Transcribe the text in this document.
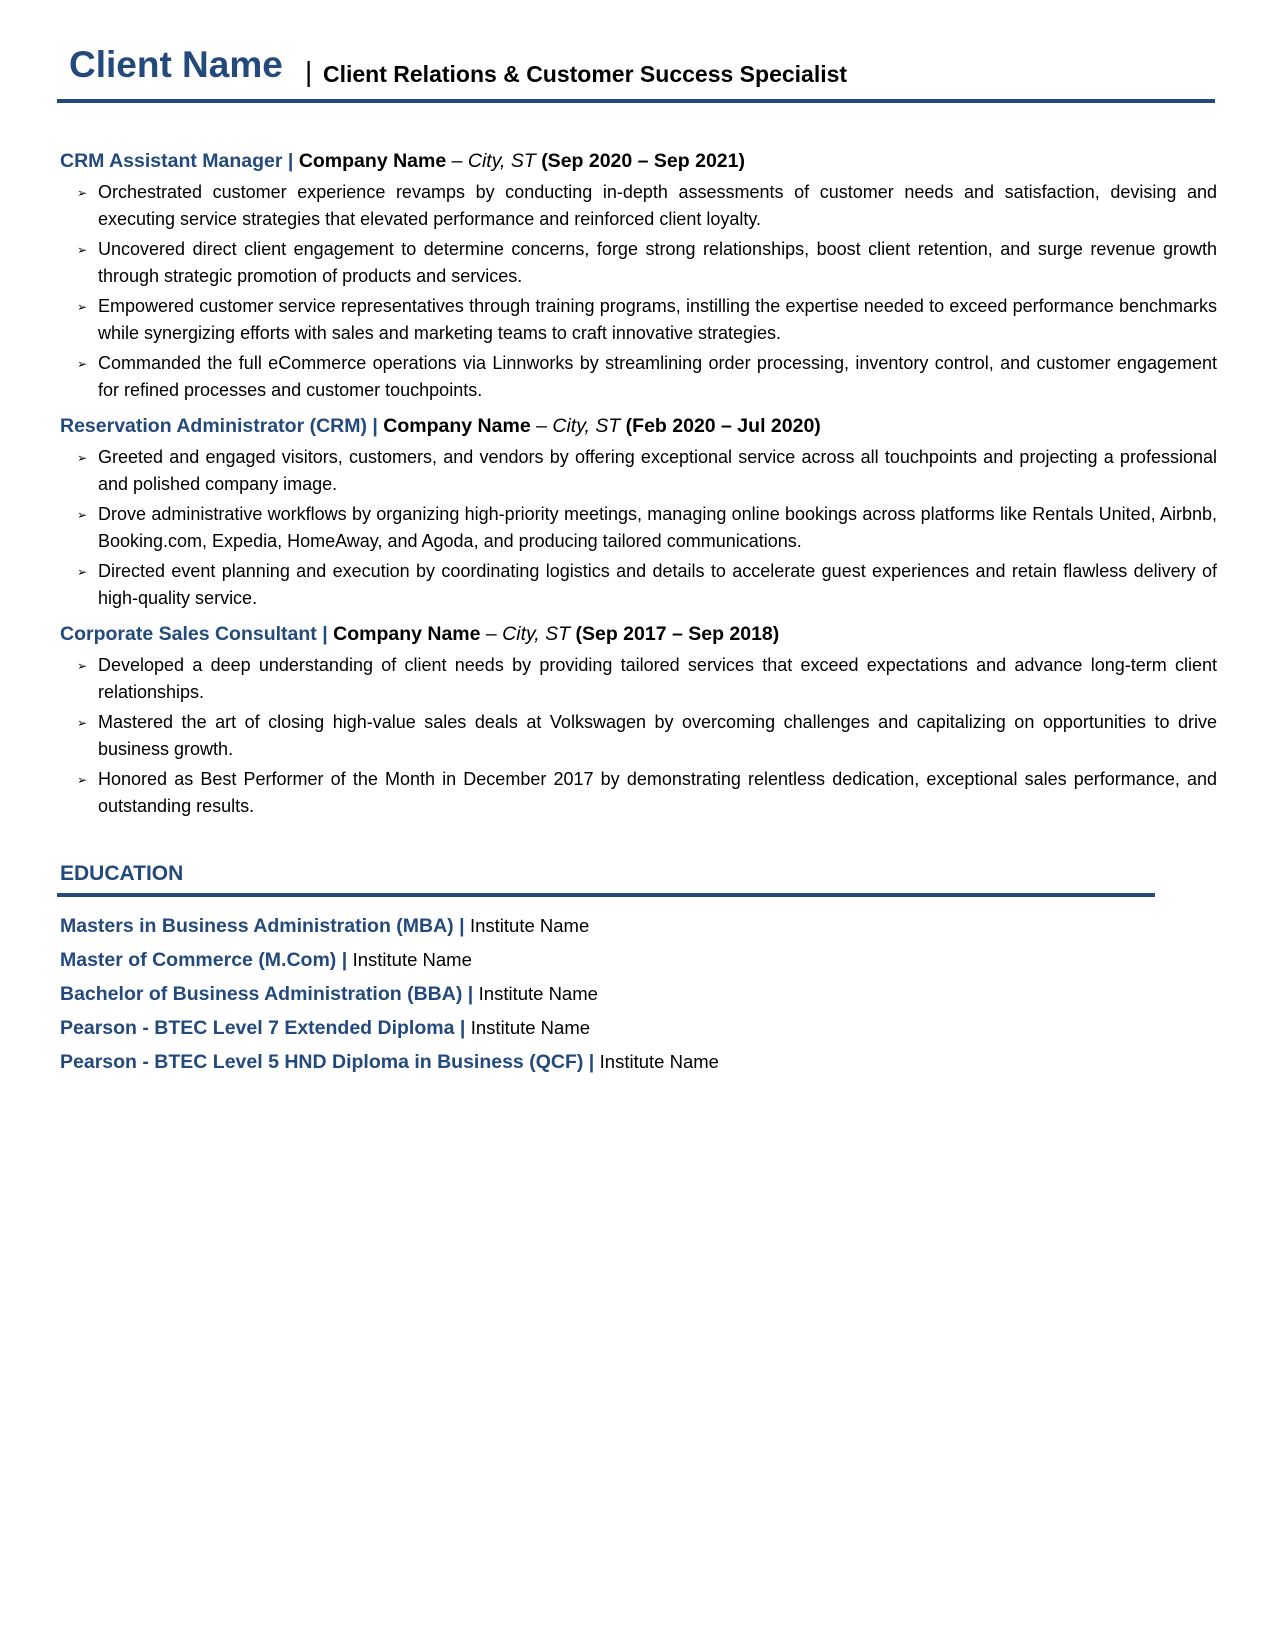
Client Name | Client Relations & Customer Success Specialist
CRM Assistant Manager | Company Name – City, ST (Sep 2020 – Sep 2021)
➢ Orchestrated customer experience revamps by conducting in-depth assessments of customer needs and satisfaction, devising and executing service strategies that elevated performance and reinforced client loyalty.
➢ Uncovered direct client engagement to determine concerns, forge strong relationships, boost client retention, and surge revenue growth through strategic promotion of products and services.
➢ Empowered customer service representatives through training programs, instilling the expertise needed to exceed performance benchmarks while synergizing efforts with sales and marketing teams to craft innovative strategies.
➢ Commanded the full eCommerce operations via Linnworks by streamlining order processing, inventory control, and customer engagement for refined processes and customer touchpoints.
Reservation Administrator (CRM) | Company Name – City, ST (Feb 2020 – Jul 2020)
➢ Greeted and engaged visitors, customers, and vendors by offering exceptional service across all touchpoints and projecting a professional and polished company image.
➢ Drove administrative workflows by organizing high-priority meetings, managing online bookings across platforms like Rentals United, Airbnb, Booking.com, Expedia, HomeAway, and Agoda, and producing tailored communications.
➢ Directed event planning and execution by coordinating logistics and details to accelerate guest experiences and retain flawless delivery of high-quality service.
Corporate Sales Consultant | Company Name – City, ST (Sep 2017 – Sep 2018)
➢ Developed a deep understanding of client needs by providing tailored services that exceed expectations and advance long-term client relationships.
➢ Mastered the art of closing high-value sales deals at Volkswagen by overcoming challenges and capitalizing on opportunities to drive business growth.
➢ Honored as Best Performer of the Month in December 2017 by demonstrating relentless dedication, exceptional sales performance, and outstanding results.
EDUCATION
Masters in Business Administration (MBA) | Institute Name
Master of Commerce (M.Com) | Institute Name
Bachelor of Business Administration (BBA) | Institute Name
Pearson - BTEC Level 7 Extended Diploma | Institute Name
Pearson - BTEC Level 5 HND Diploma in Business (QCF) | Institute Name
